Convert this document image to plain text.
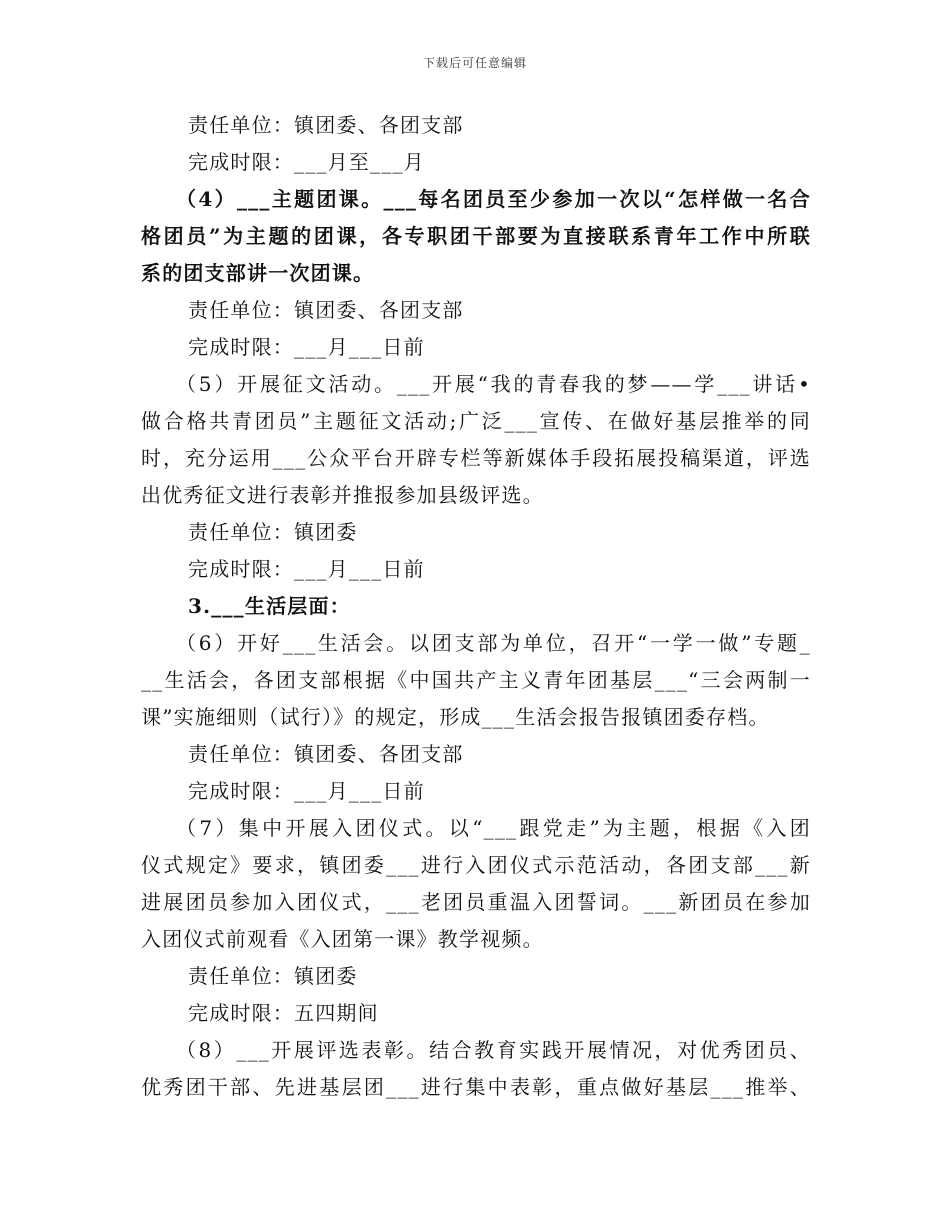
下载后可任意编辑
责任单位：镇团委、各团支部
完成时限：___月至___月
（4）___主题团课。___每名团员至少参加一次以“怎样做一名合
格团员”为主题的团课，各专职团干部要为直接联系青年工作中所联
系的团支部讲一次团课。
责任单位：镇团委、各团支部
完成时限：___月___日前
（5）开展征文活动。___开展“我的青春我的梦——学___讲话•
做合格共青团员”主题征文活动;广泛___宣传、在做好基层推举的同
时，充分运用___公众平台开辟专栏等新媒体手段拓展投稿渠道，评选
出优秀征文进行表彰并推报参加县级评选。
责任单位：镇团委
完成时限：___月___日前
3.___生活层面：
（6）开好___生活会。以团支部为单位，召开“一学一做”专题_
__生活会，各团支部根据《中国共产主义青年团基层___“三会两制一
课”实施细则（试行）》的规定，形成___生活会报告报镇团委存档。
责任单位：镇团委、各团支部
完成时限：___月___日前
（7）集中开展入团仪式。以“___跟党走”为主题，根据《入团
仪式规定》要求，镇团委___进行入团仪式示范活动，各团支部___新
进展团员参加入团仪式，___老团员重温入团誓词。___新团员在参加
入团仪式前观看《入团第一课》教学视频。
责任单位：镇团委
完成时限：五四期间
（8）___开展评选表彰。结合教育实践开展情况，对优秀团员、
优秀团干部、先进基层团___进行集中表彰，重点做好基层___推举、
